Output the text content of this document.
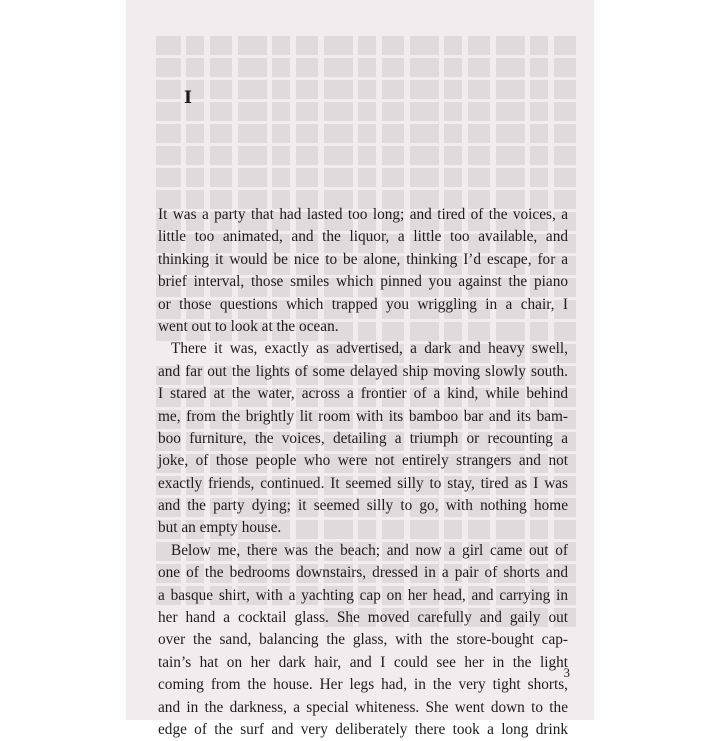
I
It was a party that had lasted too long; and tired of the voices, a
little too animated, and the liquor, a little too available, and
thinking it would be nice to be alone, thinking I’d escape, for a
brief interval, those smiles which pinned you against the piano
or those questions which trapped you wriggling in a chair, I
went out to look at the ocean.
There it was, exactly as advertised, a dark and heavy swell,
and far out the lights of some delayed ship moving slowly south.
I stared at the water, across a frontier of a kind, while behind
me, from the brightly lit room with its bamboo bar and its bam-
boo furniture, the voices, detailing a triumph or recounting a
joke, of those people who were not entirely strangers and not
exactly friends, continued. It seemed silly to stay, tired as I was
and the party dying; it seemed silly to go, with nothing home
but an empty house.
Below me, there was the beach; and now a girl came out of
one of the bedrooms downstairs, dressed in a pair of shorts and
a basque shirt, with a yachting cap on her head, and carrying in
her hand a cocktail glass. She moved carefully and gaily out
over the sand, balancing the glass, with the store-bought cap-
tain’s hat on her dark hair, and I could see her in the light
coming from the house. Her legs had, in the very tight shorts,
and in the darkness, a special whiteness. She went down to the
edge of the surf and very deliberately there took a long drink
3
